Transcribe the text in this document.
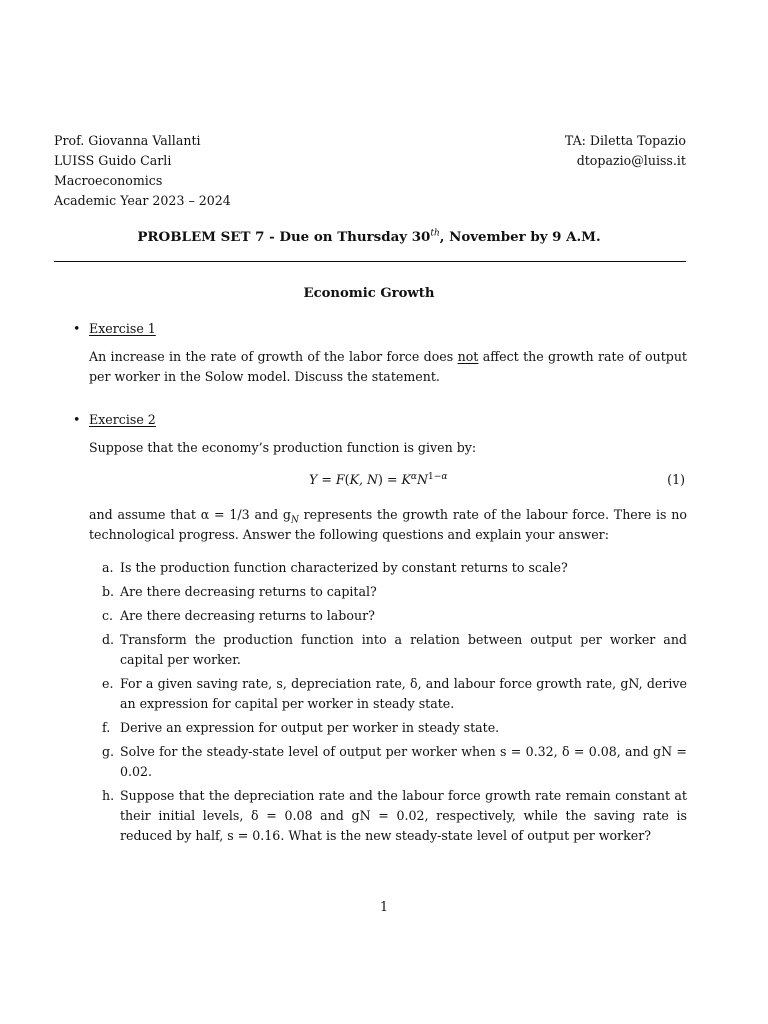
Prof. Giovanna Vallanti
LUISS Guido Carli
Macroeconomics
Academic Year 2023 – 2024
TA: Diletta Topazio
dtopazio@luiss.it
PROBLEM SET 7 - Due on Thursday 30th, November by 9 A.M.
Economic Growth
• Exercise 1
An increase in the rate of growth of the labor force does not affect the growth rate of output per worker in the Solow model. Discuss the statement.
• Exercise 2
Suppose that the economy’s production function is given by:
Y = F(K, $N) = K^\alpha N^{1-\alpha}$	(1)
and assume that α = 1/3 and $g_N$ represents the growth rate of the labour force. There is no technological progress. Answer the following questions and explain your answer:
a. Is the production function characterized by constant returns to scale?
b. Are there decreasing returns to capital?
c. Are there decreasing returns to labour?
d. Transform the production function into a relation between output per worker and capital per worker.
e. For a given saving rate, s, depreciation rate, δ, and labour force growth rate, gN, derive an expression for capital per worker in steady state.
f. Derive an expression for output per worker in steady state.
g. Solve for the steady-state level of output per worker when s = 0.32, δ = 0.08, and gN = 0.02.
h. Suppose that the depreciation rate and the labour force growth rate remain constant at their initial levels, δ = 0.08 and gN = 0.02, respectively, while the saving rate is reduced by half, s = 0.16. What is the new steady-state level of output per worker?
1
